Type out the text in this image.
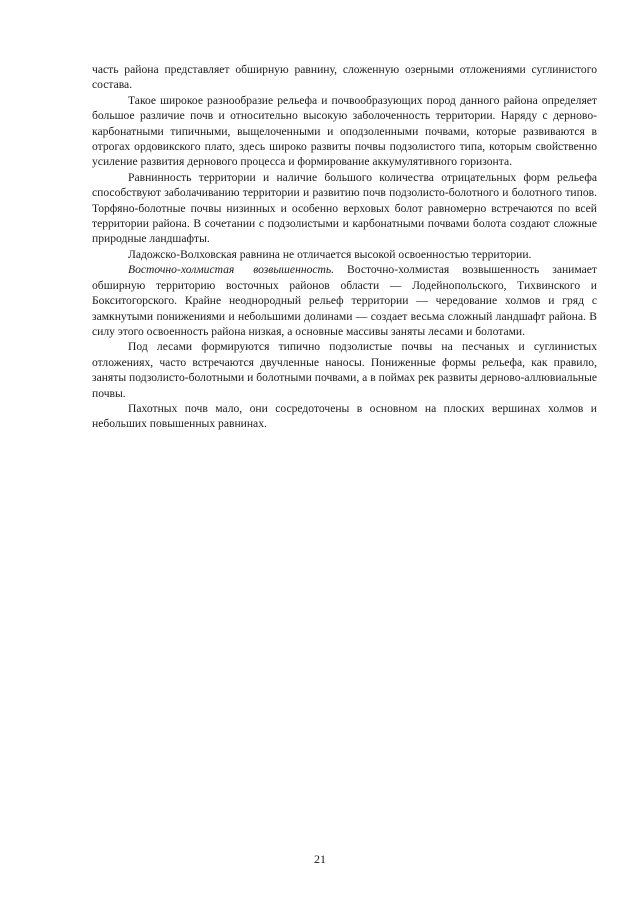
часть района представляет обширную равнину, сложенную озерными отложениями суглинистого состава.

Такое широкое разнообразие рельефа и почвообразующих пород данного района определяет большое различие почв и относительно высокую заболоченность территории. Наряду с дерново-карбонатными типичными, выщелоченными и оподзоленными почвами, которые развиваются в отрогах ордовикского плато, здесь широко развиты почвы подзолистого типа, которым свойственно усиление развития дернового процесса и формирование аккумулятивного горизонта.

Равнинность территории и наличие большого количества отрицательных форм рельефа способствуют заболачиванию территории и развитию почв подзолисто-болотного и болотного типов. Торфяно-болотные почвы низинных и особенно верховых болот равномерно встречаются по всей территории района. В сочетании с подзолистыми и карбонатными почвами болота создают сложные природные ландшафты.

Ладожско-Волховская равнина не отличается высокой освоенностью территории.

Восточно-холмистая возвышенность. Восточно-холмистая возвышенность занимает обширную территорию восточных районов области — Лодейнопольского, Тихвинского и Бокситогорского. Крайне неоднородный рельеф территории — чередование холмов и гряд с замкнутыми понижениями и небольшими долинами — создает весьма сложный ландшафт района. В силу этого освоенность района низкая, а основные массивы заняты лесами и болотами.

Под лесами формируются типично подзолистые почвы на песчаных и суглинистых отложениях, часто встречаются двучленные наносы. Пониженные формы рельефа, как правило, заняты подзолисто-болотными и болотными почвами, а в поймах рек развиты дерново-аллювиальные почвы.

Пахотных почв мало, они сосредоточены в основном на плоских вершинах холмов и небольших повышенных равнинах.

21
